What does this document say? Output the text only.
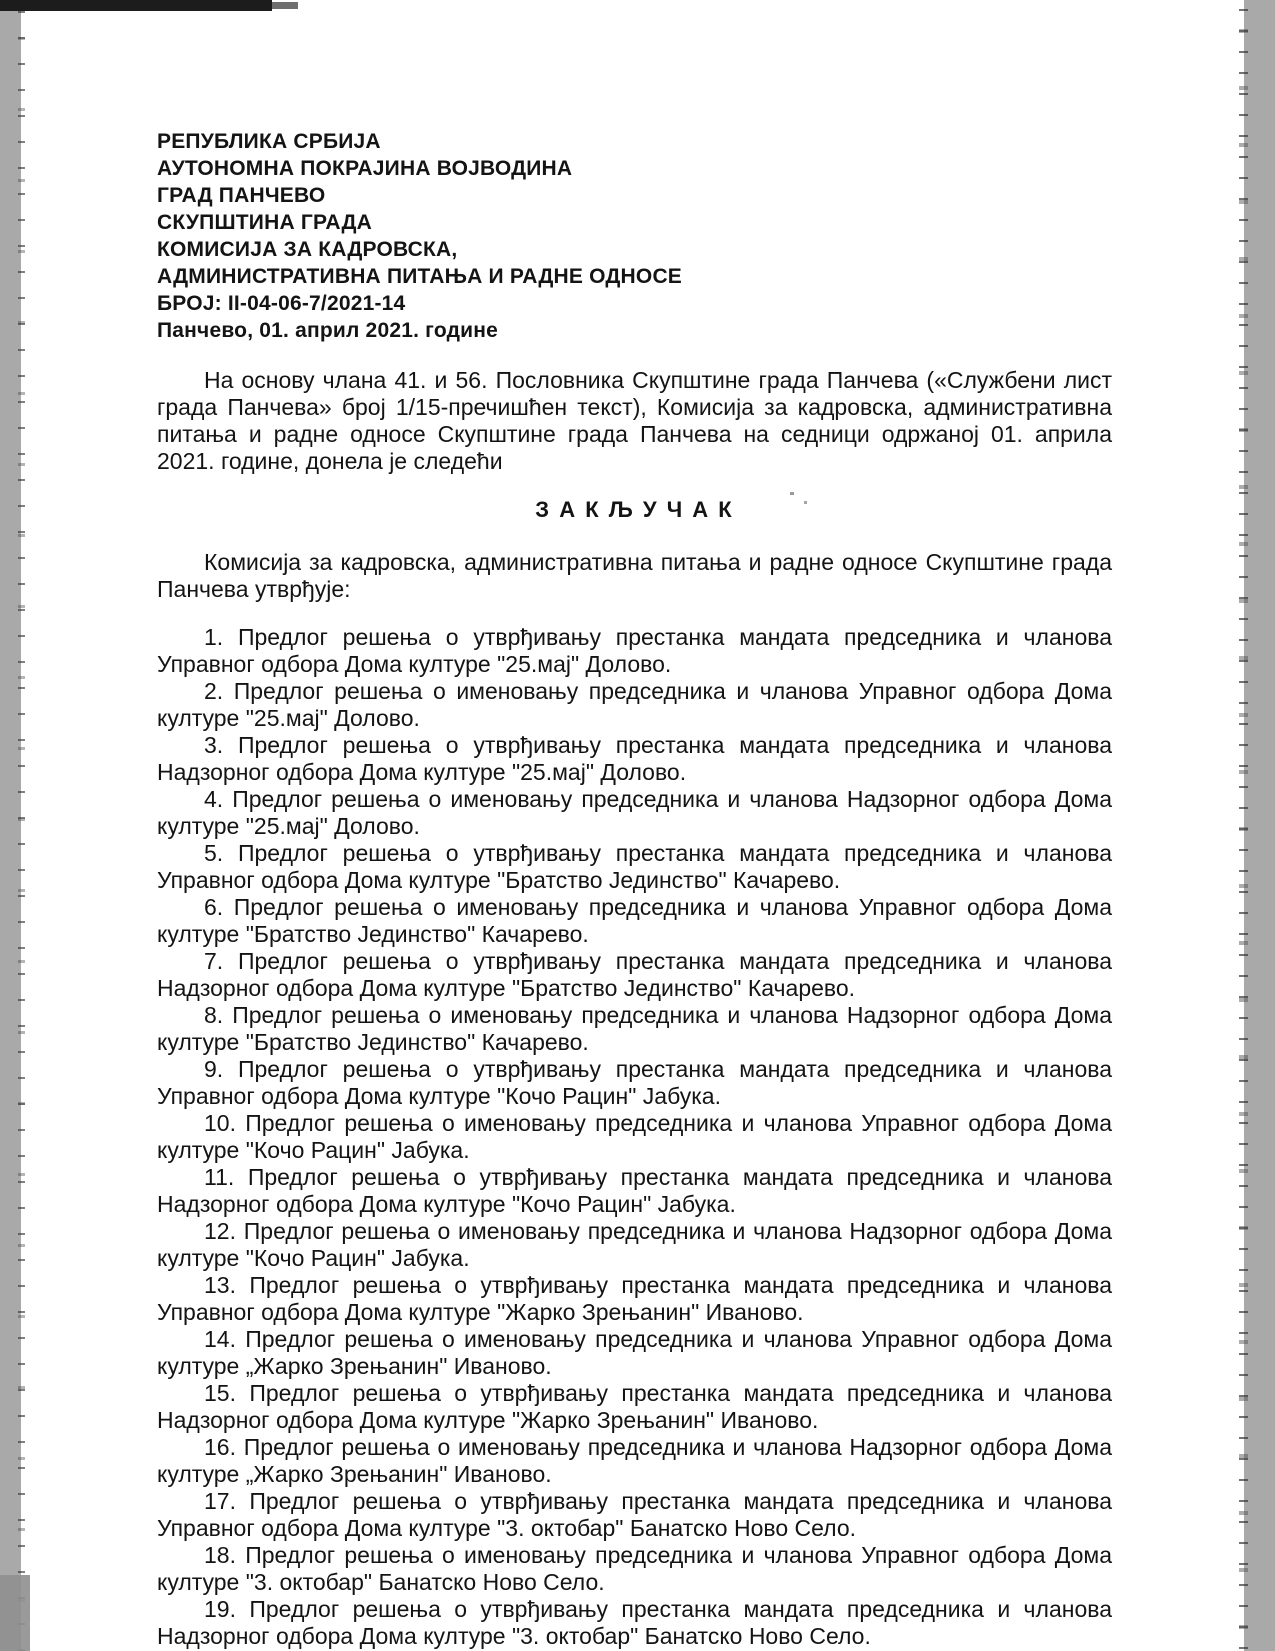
РЕПУБЛИКА СРБИЈА
АУТОНОМНА ПОКРАЈИНА ВОЈВОДИНА
ГРАД ПАНЧЕВО
СКУПШТИНА ГРАДА
КОМИСИЈА ЗА КАДРОВСКА,
АДМИНИСТРАТИВНА ПИТАЊА И РАДНЕ ОДНОСЕ
БРОЈ: II-04-06-7/2021-14
Панчево, 01. април 2021. године

На основу члана 41. и 56. Пословника Скупштине града Панчева («Службени лист града Панчева» број 1/15-пречишћен текст), Комисија за кадровска, административна питања и радне односе Скупштине града Панчева на седници одржаној 01. априла 2021. године, донела је следећи

З А К Љ У Ч А К

Комисија за кадровска, административна питања и радне односе Скупштине града Панчева утврђује:

1. Предлог решења о утврђивању престанка мандата председника и чланова Управног одбора Дома културе "25.мај" Долово.

2. Предлог решења о именовању председника и чланова Управног одбора Дома културе "25.мај" Долово.

3. Предлог решења о утврђивању престанка мандата председника и чланова Надзорног одбора Дома културе "25.мај" Долово.

4. Предлог решења о именовању председника и чланова Надзорног одбора Дома културе "25.мај" Долово.

5. Предлог решења о утврђивању престанка мандата председника и чланова Управног одбора Дома културе "Братство Јединство" Качарево.

6. Предлог решења о именовању председника и чланова Управног одбора Дома културе "Братство Јединство" Качарево.

7. Предлог решења о утврђивању престанка мандата председника и чланова Надзорног одбора Дома културе "Братство Јединство" Качарево.

8. Предлог решења о именовању председника и чланова Надзорног одбора Дома културе "Братство Јединство" Качарево.

9. Предлог решења о утврђивању престанка мандата председника и чланова Управног одбора Дома културе "Кочо Рацин" Јабука.

10. Предлог решења о именовању председника и чланова Управног одбора Дома културе "Кочо Рацин" Јабука.

11. Предлог решења о утврђивању престанка мандата председника и чланова Надзорног одбора Дома културе "Кочо Рацин" Јабука.

12. Предлог решења о именовању председника и чланова Надзорног одбора Дома културе "Кочо Рацин" Јабука.

13. Предлог решења о утврђивању престанка мандата председника и чланова Управног одбора Дома културе "Жарко Зрењанин" Иваново.

14. Предлог решења о именовању председника и чланова Управног одбора Дома културе „Жарко Зрењанин" Иваново.

15. Предлог решења о утврђивању престанка мандата председника и чланова Надзорног одбора Дома културе "Жарко Зрењанин" Иваново.

16. Предлог решења о именовању председника и чланова Надзорног одбора Дома културе „Жарко Зрењанин" Иваново.

17. Предлог решења о утврђивању престанка мандата председника и чланова Управног одбора Дома културе "3. октобар" Банатско Ново Село.

18. Предлог решења о именовању председника и чланова Управног одбора Дома културе "3. октобар" Банатско Ново Село.

19. Предлог решења о утврђивању престанка мандата председника и чланова Надзорног одбора Дома културе "3. октобар" Банатско Ново Село.
